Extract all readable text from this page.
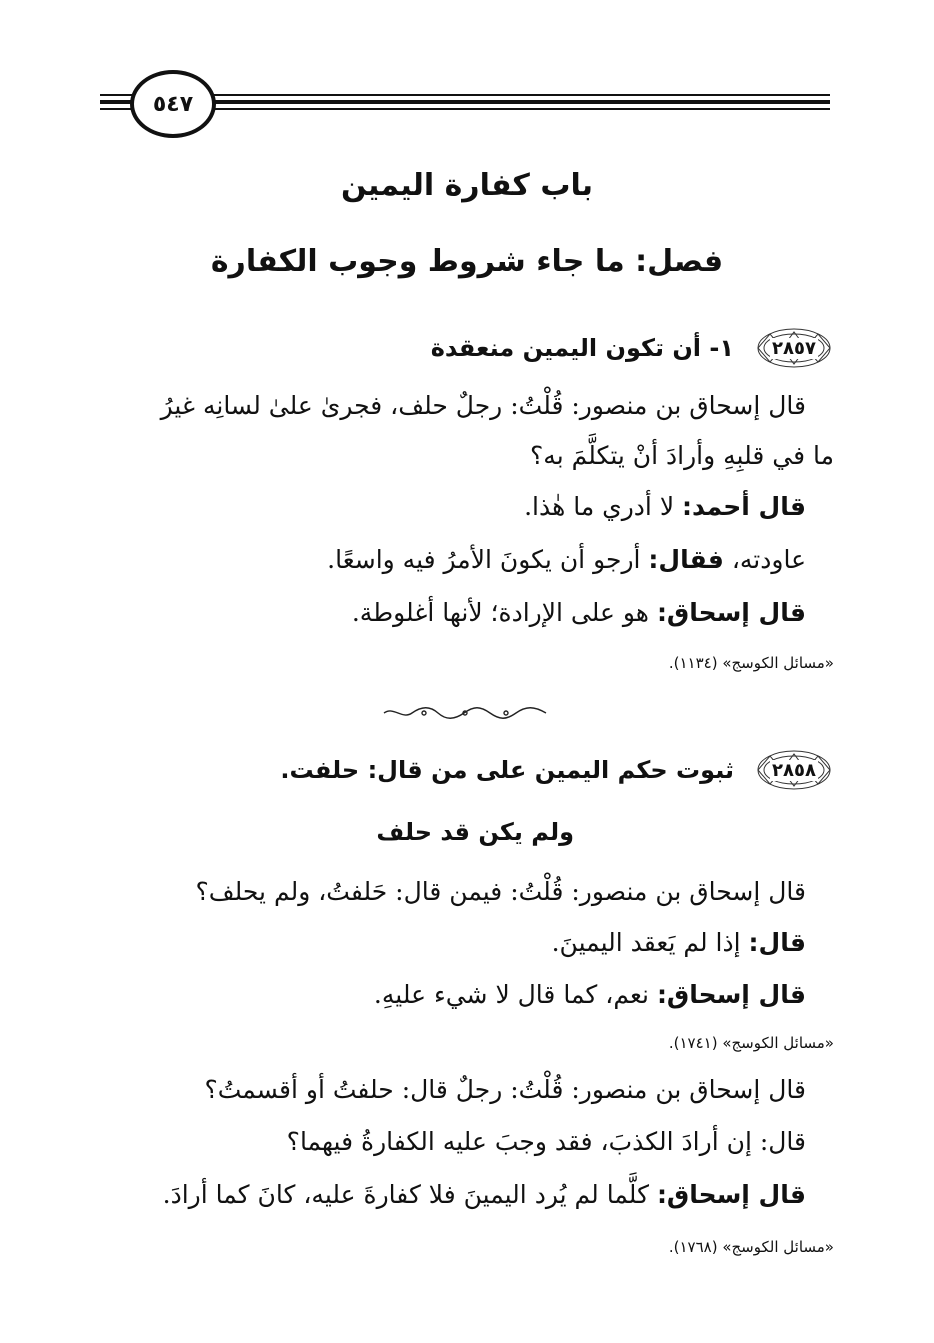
٥٤٧
باب كفارة اليمين
فصل: ما جاء شروط وجوب الكفارة
٢٨٥٧
١- أن تكون اليمين منعقدة
قال إسحاق بن منصور: قُلْتُ: رجلٌ حلف، فجرىٰ علىٰ لسانِه غيرُ
ما في قلبِهِ وأرادَ أنْ يتكلَّمَ به؟
قال أحمد: لا أدري ما هٰذا.
عاودته، فقال: أرجو أن يكونَ الأمرُ فيه واسعًا.
قال إسحاق: هو على الإرادة؛ لأنها أغلوطة.
«مسائل الكوسج» (١١٣٤).
٢٨٥٨
ثبوت حكم اليمين على من قال: حلفت.
ولم يكن قد حلف
قال إسحاق بن منصور: قُلْتُ: فيمن قال: حَلفتُ، ولم يحلف؟
قال: إذا لم يَعقد اليمينَ.
قال إسحاق: نعم، كما قال لا شيء عليهِ.
«مسائل الكوسج» (١٧٤١).
قال إسحاق بن منصور: قُلْتُ: رجلٌ قال: حلفتُ أو أقسمتُ؟
قال: إن أرادَ الكذبَ، فقد وجبَ عليه الكفارةُ فيهما؟
قال إسحاق: كلَّما لم يُرد اليمينَ فلا كفارةَ عليه، كانَ كما أرادَ.
«مسائل الكوسج» (١٧٦٨).
